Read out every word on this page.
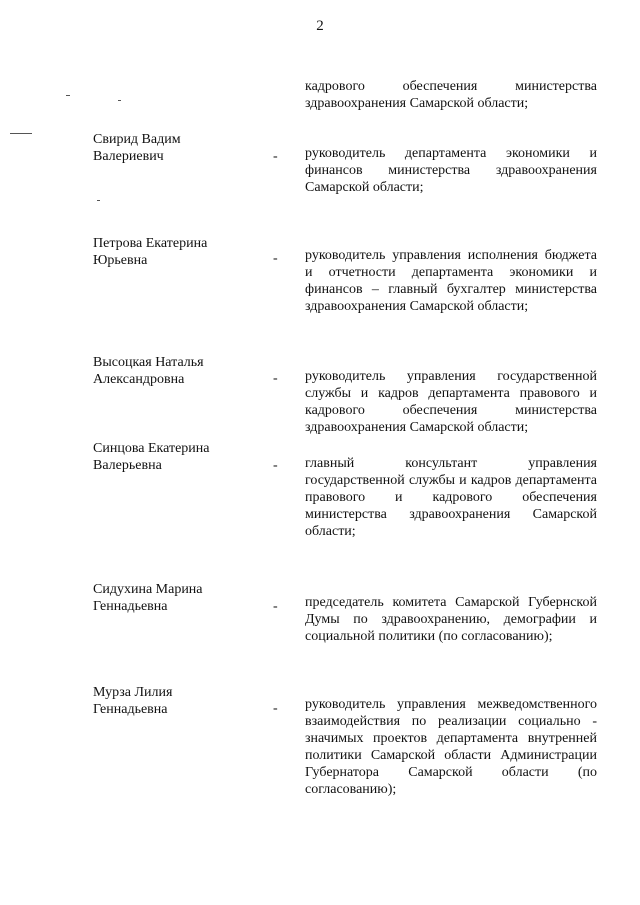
2
кадрового обеспечения министерства здравоохранения Самарской области;
Свирид Вадим
Валериевич	- руководитель департамента экономики и финансов министерства здравоохранения Самарской области;
Петрова Екатерина
Юрьевна	- руководитель управления исполнения бюджета и отчетности департамента экономики и финансов – главный бухгалтер министерства здравоохранения Самарской области;
Высоцкая Наталья
Александровна	- руководитель управления государственной службы и кадров департамента правового и кадрового обеспечения министерства здравоохранения Самарской области;
Синцова Екатерина
Валерьевна	- главный консультант управления государственной службы и кадров департамента правового и кадрового обеспечения министерства здравоохранения Самарской области;
Сидухина Марина
Геннадьевна	- председатель комитета Самарской Губернской Думы по здравоохранению, демографии и социальной политики (по согласованию);
Мурза Лилия
Геннадьевна	- руководитель управления межведомственного взаимодействия по реализации социально - значимых проектов департамента внутренней политики Самарской области Администрации Губернатора Самарской области (по согласованию);
